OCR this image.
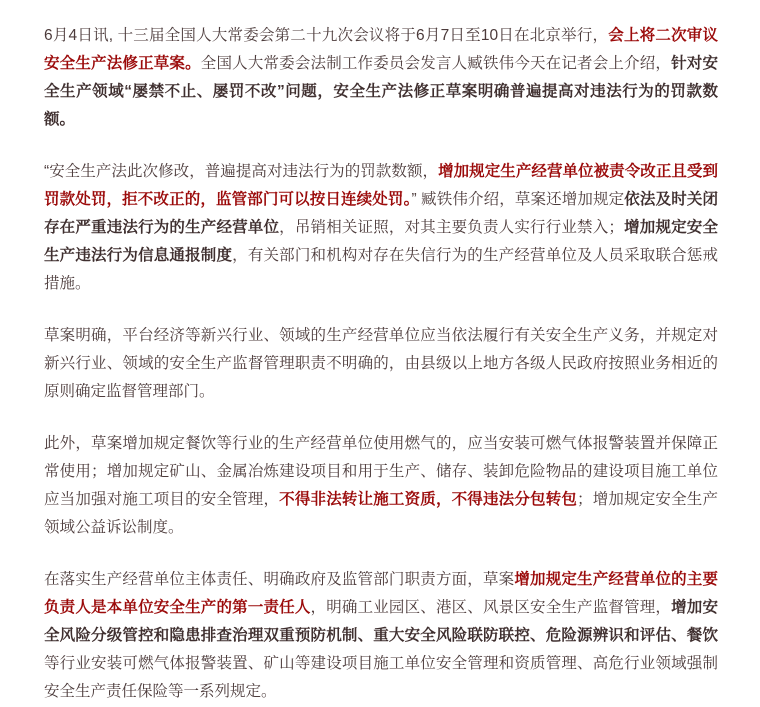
6月4日讯, 十三届全国人大常委会第二十九次会议将于6月7日至10日在北京举行，会上将二次审议安全生产法修正草案。全国人大常委会法制工作委员会发言人臧铁伟今天在记者会上介绍，针对安全生产领域“屡禁不止、屡罚不改”问题，安全生产法修正草案明确普遍提高对违法行为的罚款数额。

“安全生产法此次修改，普遍提高对违法行为的罚款数额，增加规定生产经营单位被责令改正且受到罚款处罚，拒不改正的，监管部门可以按日连续处罚。” 臧铁伟介绍，草案还增加规定依法及时关闭存在严重违法行为的生产经营单位，吊销相关证照，对其主要负责人实行行业禁入；增加规定安全生产违法行为信息通报制度，有关部门和机构对存在失信行为的生产经营单位及人员采取联合惩戒措施。

草案明确，平台经济等新兴行业、领域的生产经营单位应当依法履行有关安全生产义务，并规定对新兴行业、领域的安全生产监督管理职责不明确的，由县级以上地方各级人民政府按照业务相近的原则确定监督管理部门。

此外，草案增加规定餐饮等行业的生产经营单位使用燃气的，应当安装可燃气体报警装置并保障正常使用；增加规定矿山、金属冶炼建设项目和用于生产、储存、装卸危险物品的建设项目施工单位应当加强对施工项目的安全管理，不得非法转让施工资质，不得违法分包转包；增加规定安全生产领域公益诉讼制度。

在落实生产经营单位主体责任、明确政府及监管部门职责方面，草案增加规定生产经营单位的主要负责人是本单位安全生产的第一责任人，明确工业园区、港区、风景区安全生产监督管理，增加安全风险分级管控和隐患排查治理双重预防机制、重大安全风险联防联控、危险源辨识和评估、餐饮等行业安装可燃气体报警装置、矿山等建设项目施工单位安全管理和资质管理、高危行业领域强制安全生产责任保险等一系列规定。
